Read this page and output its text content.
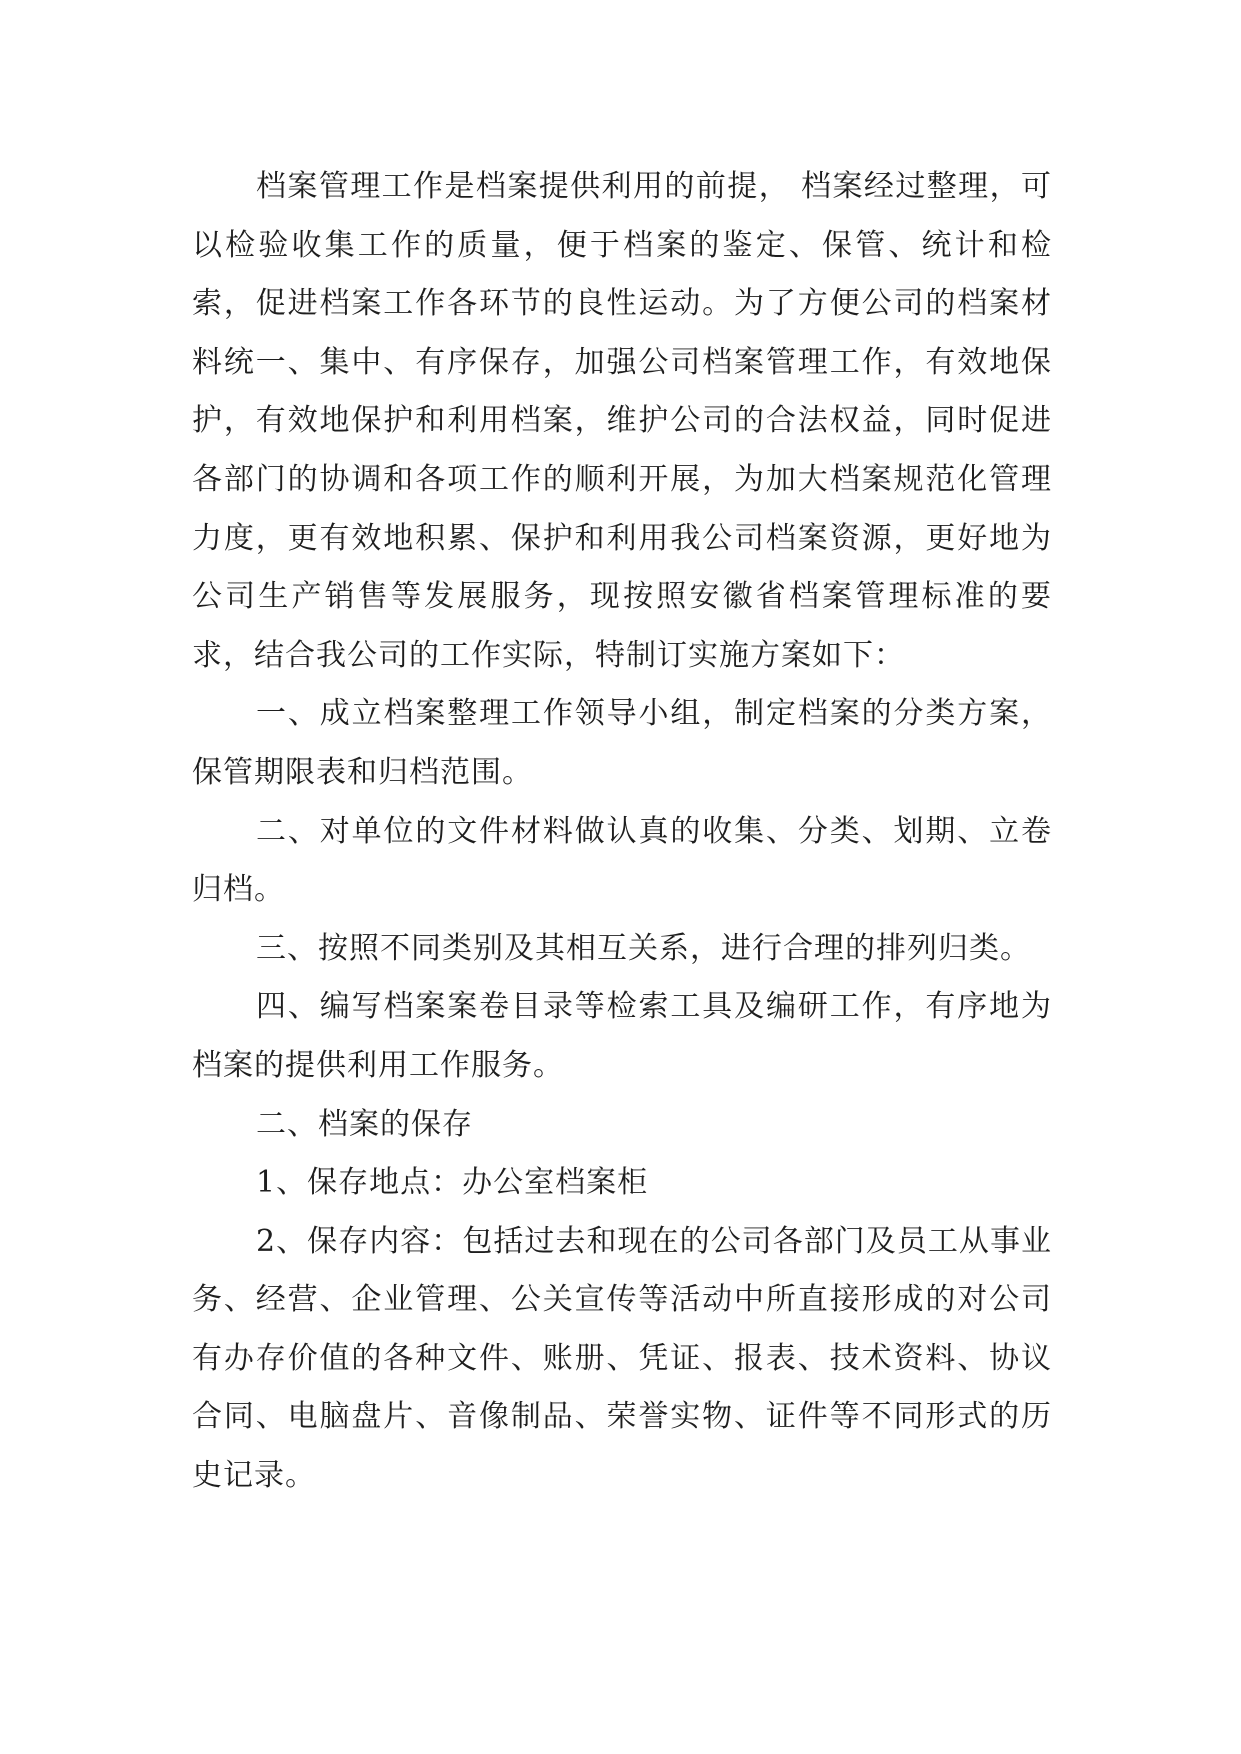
档案管理工作是档案提供利用的前提， 档案经过整理，可以检验收集工作的质量，便于档案的鉴定、保管、统计和检索，促进档案工作各环节的良性运动。为了方便公司的档案材料统一、集中、有序保存，加强公司档案管理工作，有效地保护，有效地保护和利用档案，维护公司的合法权益，同时促进各部门的协调和各项工作的顺利开展，为加大档案规范化管理力度，更有效地积累、保护和利用我公司档案资源，更好地为公司生产销售等发展服务，现按照安徽省档案管理标准的要求，结合我公司的工作实际，特制订实施方案如下：

一、成立档案整理工作领导小组，制定档案的分类方案，保管期限表和归档范围。

二、对单位的文件材料做认真的收集、分类、划期、立卷归档。

三、按照不同类别及其相互关系，进行合理的排列归类。

四、编写档案案卷目录等检索工具及编研工作，有序地为档案的提供利用工作服务。

二、档案的保存

1、保存地点：办公室档案柜

2、保存内容：包括过去和现在的公司各部门及员工从事业务、经营、企业管理、公关宣传等活动中所直接形成的对公司有办存价值的各种文件、账册、凭证、报表、技术资料、协议合同、电脑盘片、音像制品、荣誉实物、证件等不同形式的历史记录。
